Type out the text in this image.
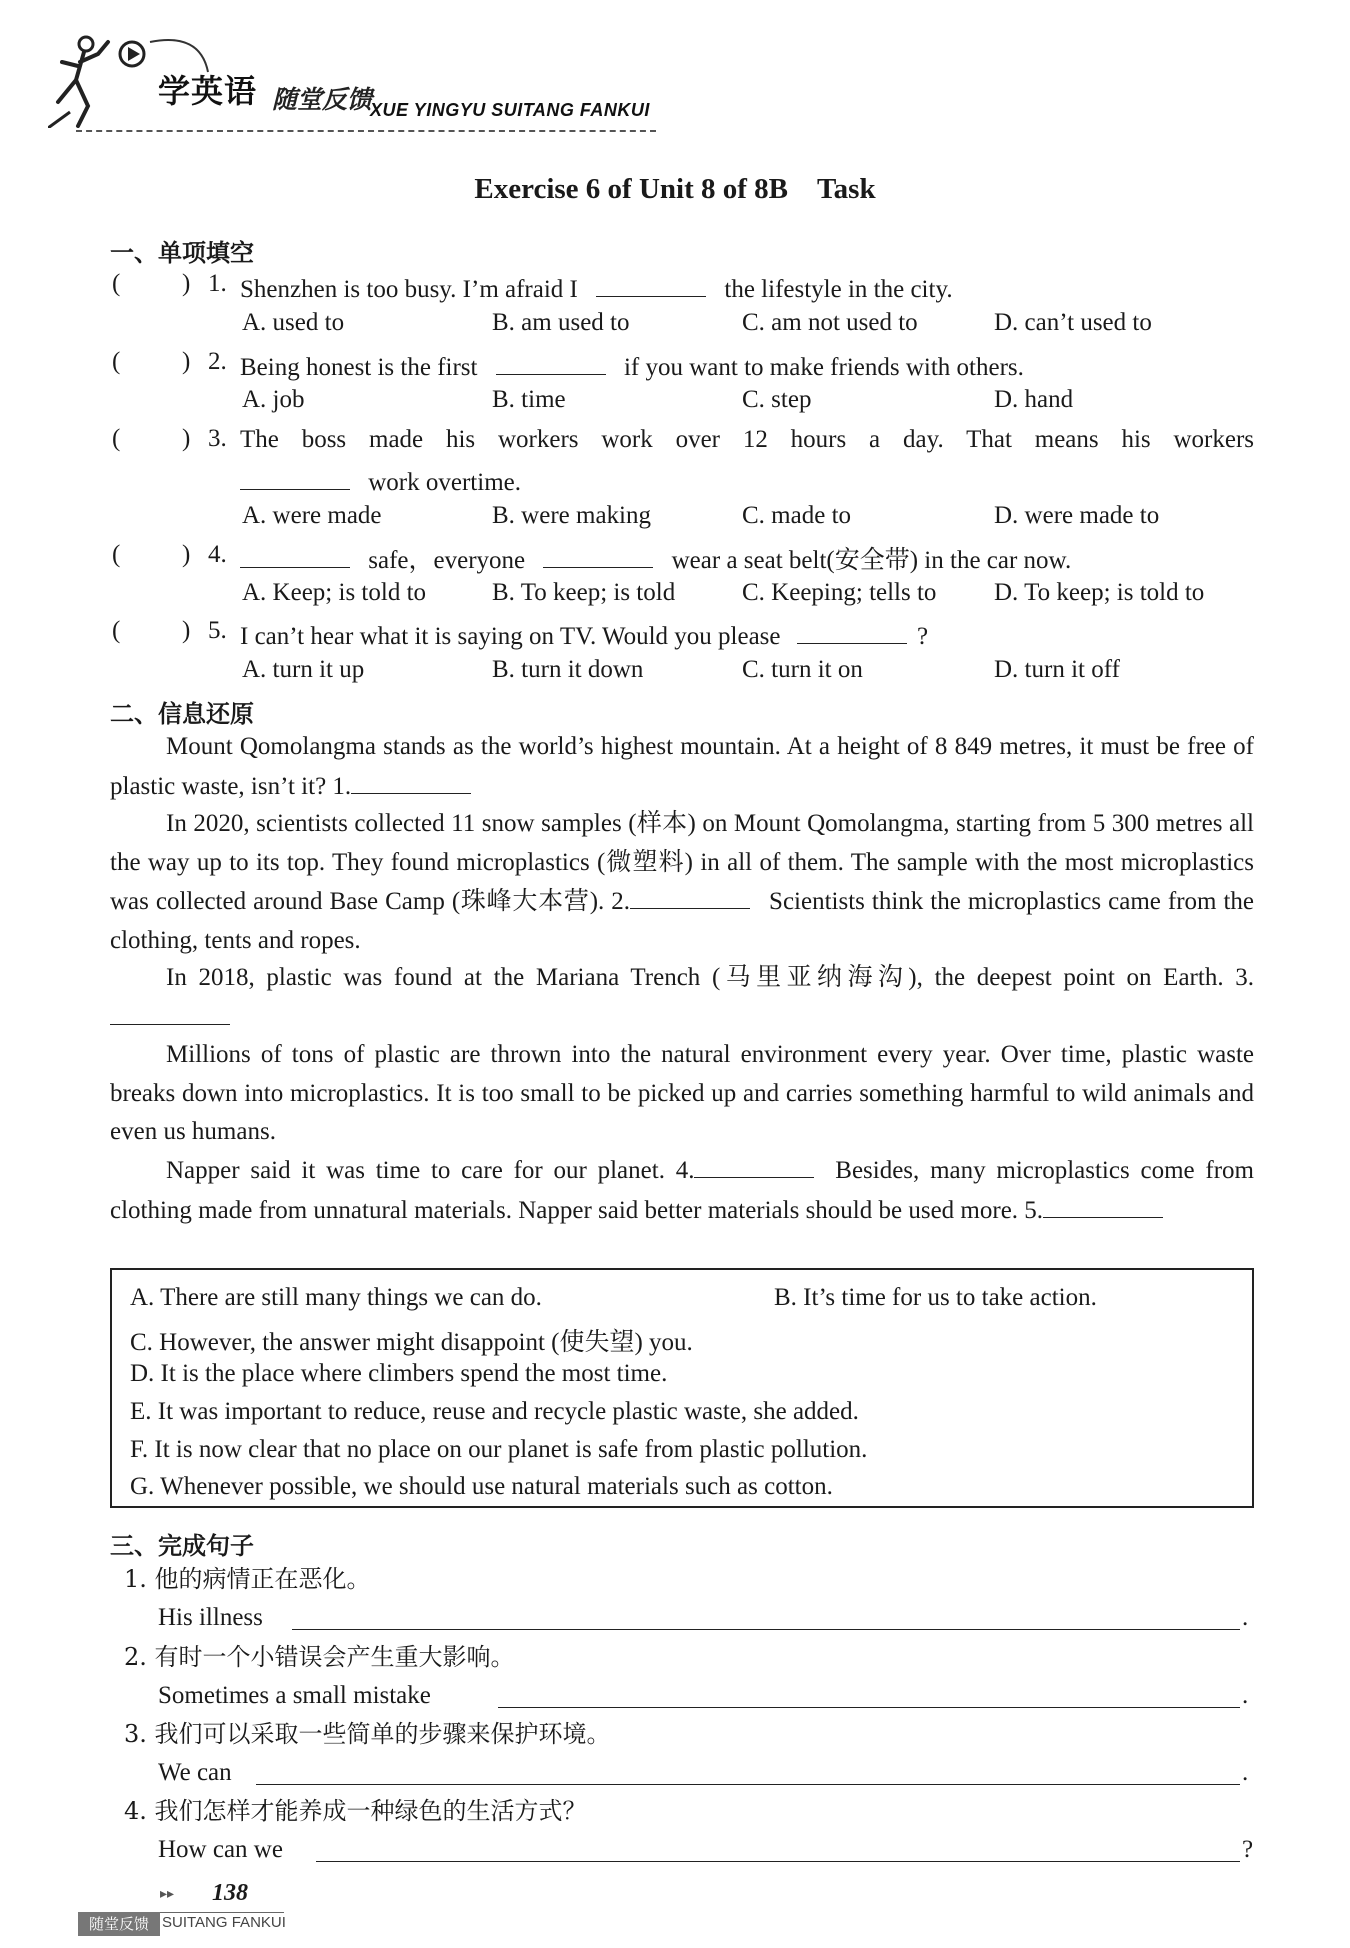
学英语 随堂反馈
XUE YINGYU SUITANG FANKUI
Exercise 6 of Unit 8 of 8B　Task
一、单项填空
( ) 1. Shenzhen is too busy. I’m afraid I	the lifestyle in the city.
A. used to	B. am used to	C. am not used to	D. can’t used to
( ) 2. Being honest is the first	if you want to make friends with others.
A. job	B. time	C. step	D. hand
( ) 3. The boss made his workers work over 12 hours a day. That means his workers
work overtime.
A. were made	B. were making	C. made to	D. were made to
( ) 4.	safe，everyone	wear a seat belt(安全带) in the car now.
A. Keep; is told to	B. To keep; is told	C. Keeping; tells to D. To keep; is told to
( ) 5. I can’t hear what it is saying on TV. Would you please	?
A. turn it up	B. turn it down	C. turn it on	D. turn it off
二、信息还原
Mount Qomolangma stands as the world’s highest mountain. At a height of 8 849 metres, it must be free of plastic waste, isn’t it? 1.
In 2020, scientists collected 11 snow samples (样本) on Mount Qomolangma, starting from 5 300 metres all the way up to its top. They found microplastics (微塑料) in all of them. The sample with the most microplastics was collected around Base Camp (珠峰大本营). 2.	Scientists think the microplastics came from the clothing, tents and ropes.
In 2018, plastic was found at the Mariana Trench (马里亚纳海沟), the deepest point on Earth. 3.
Millions of tons of plastic are thrown into the natural environment every year. Over time, plastic waste breaks down into microplastics. It is too small to be picked up and carries something harmful to wild animals and even us humans.
Napper said it was time to care for our planet. 4.	Besides, many microplastics come from clothing made from unnatural materials. Napper said better materials should be used more. 5.
A. There are still many things we can do.	B. It’s time for us to take action.
C. However, the answer might disappoint (使失望) you.
D. It is the place where climbers spend the most time.
E. It was important to reduce, reuse and recycle plastic waste, she added.
F. It is now clear that no place on our planet is safe from plastic pollution.
G. Whenever possible, we should use natural materials such as cotton.
三、完成句子
1. 他的病情正在恶化。
His illness	.
2. 有时一个小错误会产生重大影响。
Sometimes a small mistake	.
3. 我们可以采取一些简单的步骤来保护环境。
We can	.
4. 我们怎样才能养成一种绿色的生活方式？
How can we	?
▸▸ 138
随堂反馈 SUITANG FANKUI
